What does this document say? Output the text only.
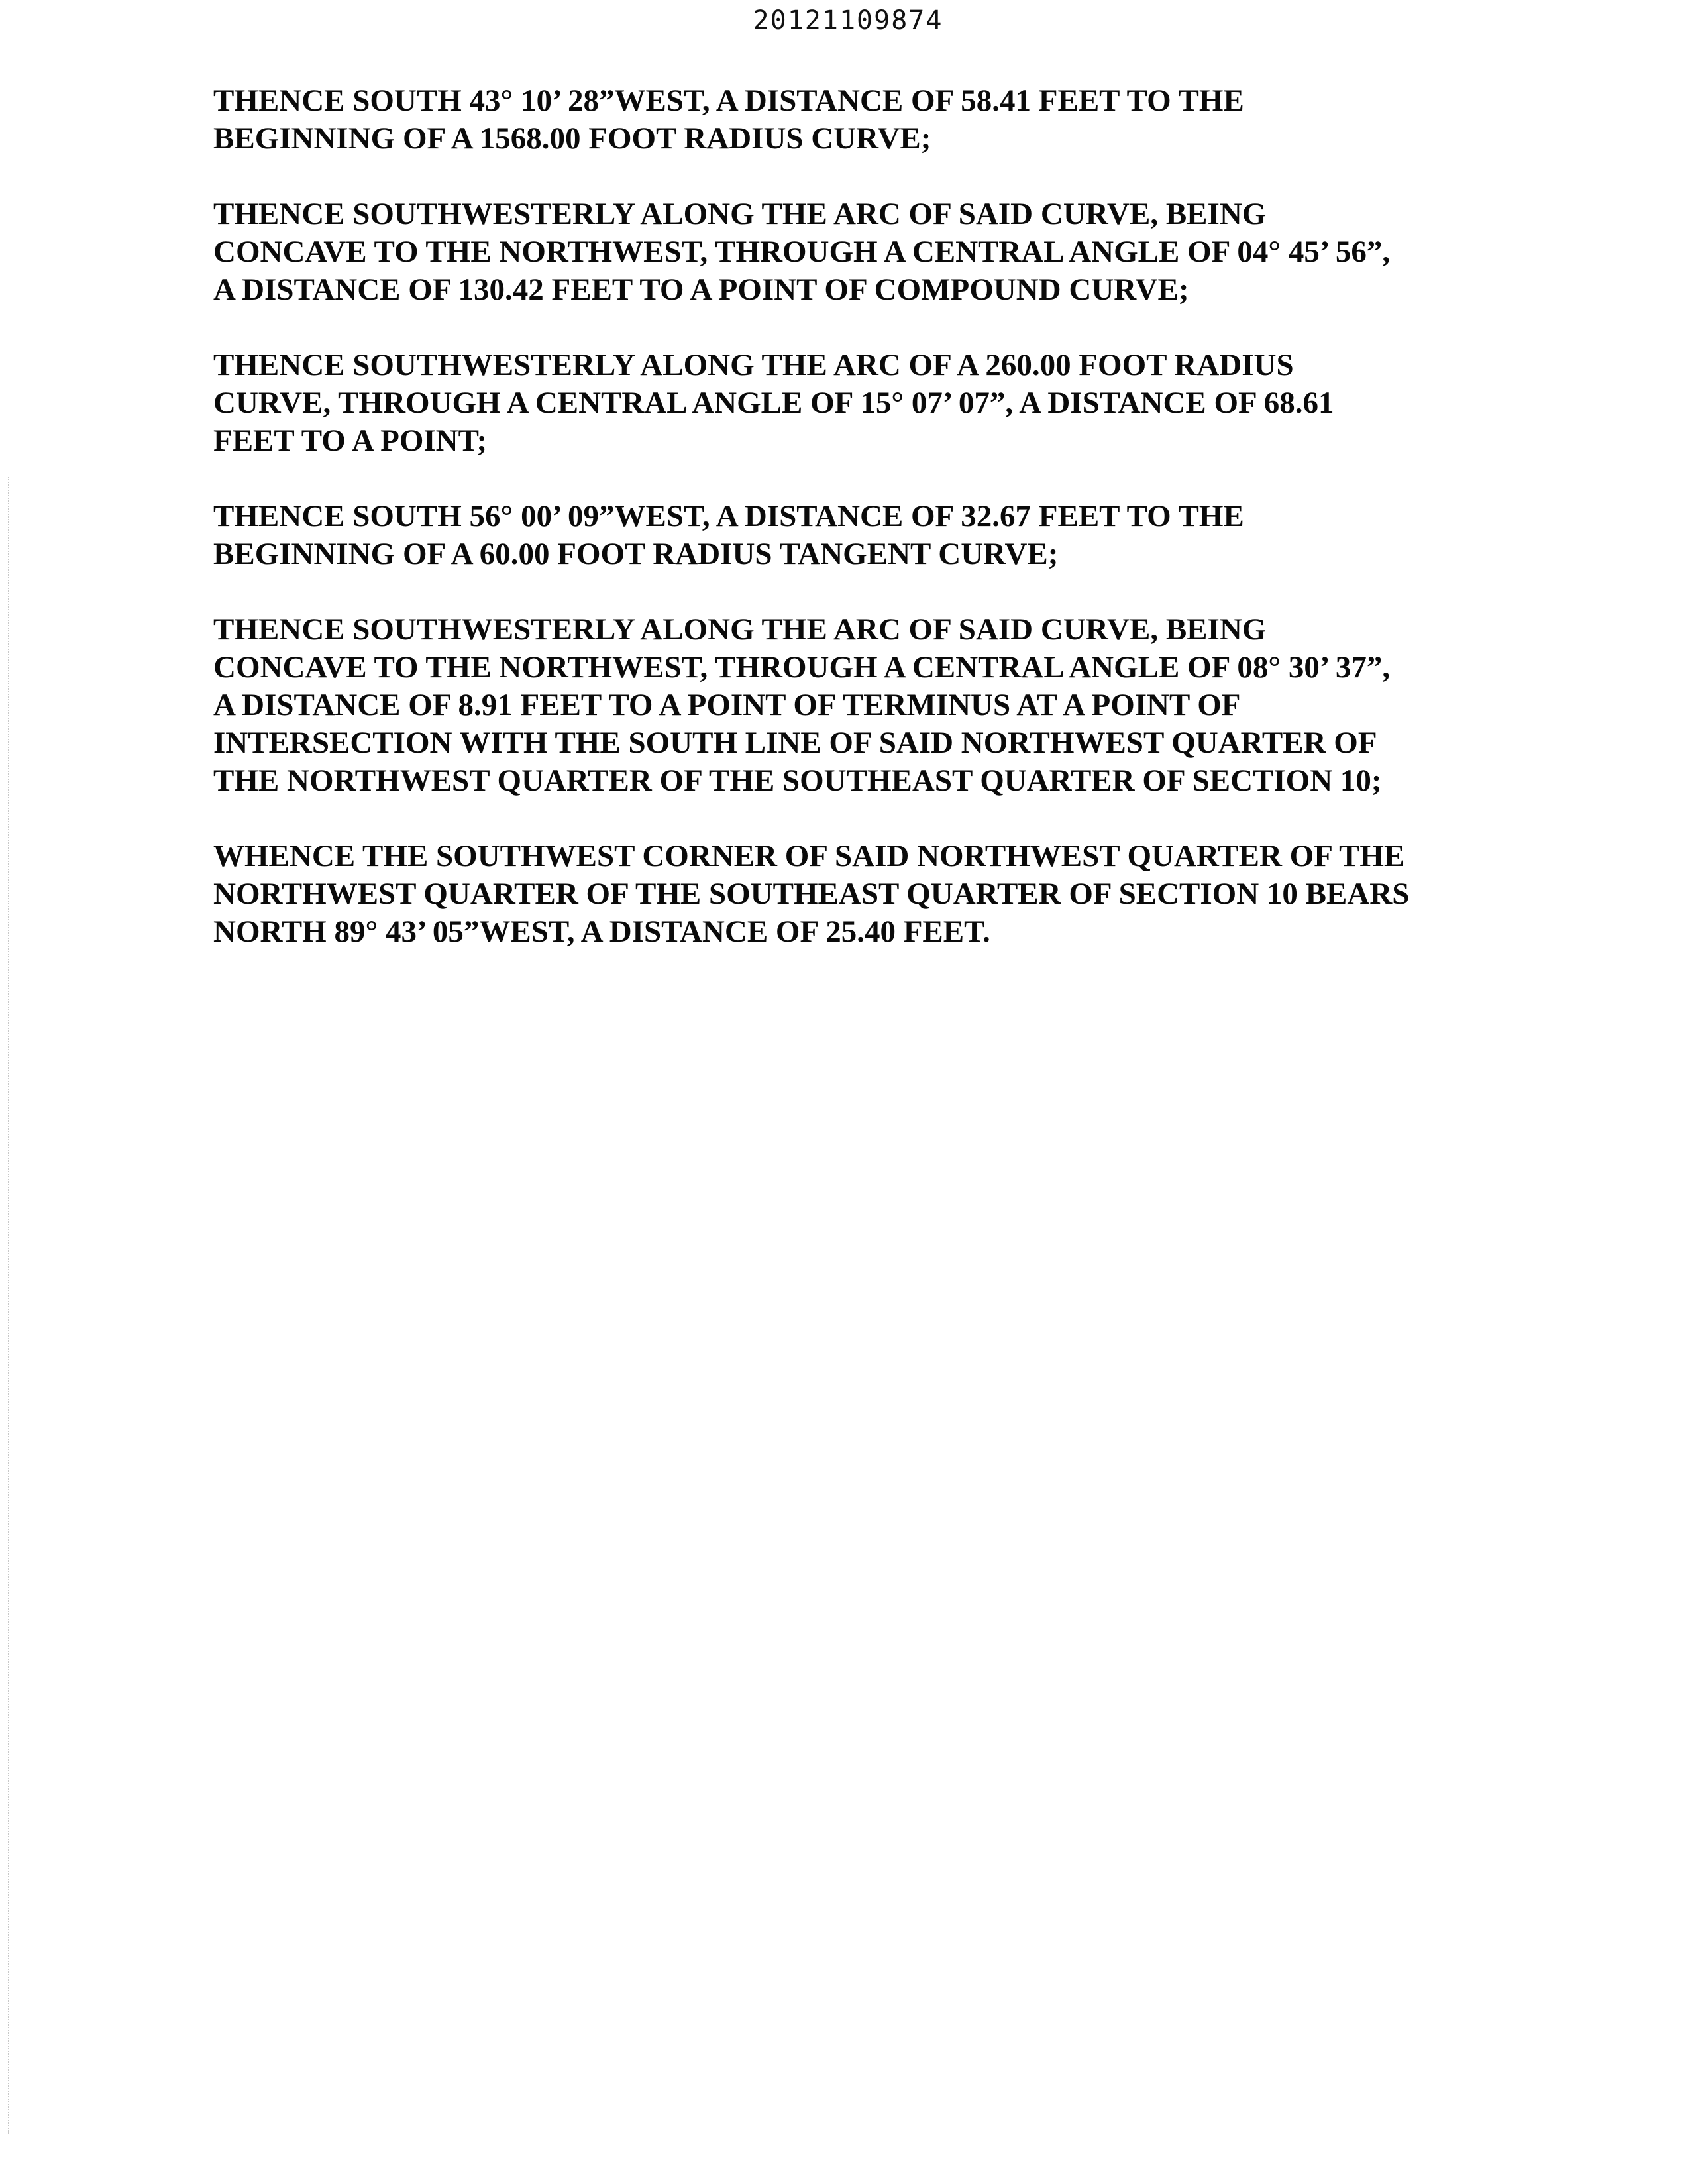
20121109874

THENCE SOUTH 43° 10’ 28”WEST, A DISTANCE OF 58.41 FEET TO THE
BEGINNING OF A 1568.00 FOOT RADIUS CURVE;

THENCE SOUTHWESTERLY ALONG THE ARC OF SAID CURVE, BEING
CONCAVE TO THE NORTHWEST, THROUGH A CENTRAL ANGLE OF 04° 45’ 56”,
A DISTANCE OF 130.42 FEET TO A POINT OF COMPOUND CURVE;

THENCE SOUTHWESTERLY ALONG THE ARC OF A 260.00 FOOT RADIUS
CURVE, THROUGH A CENTRAL ANGLE OF 15° 07’ 07”, A DISTANCE OF 68.61
FEET TO A POINT;

THENCE SOUTH 56° 00’ 09”WEST, A DISTANCE OF 32.67 FEET TO THE
BEGINNING OF A 60.00 FOOT RADIUS TANGENT CURVE;

THENCE SOUTHWESTERLY ALONG THE ARC OF SAID CURVE, BEING
CONCAVE TO THE NORTHWEST, THROUGH A CENTRAL ANGLE OF 08° 30’ 37”,
A DISTANCE OF 8.91 FEET TO A POINT OF TERMINUS AT A POINT OF
INTERSECTION WITH THE SOUTH LINE OF SAID NORTHWEST QUARTER OF
THE NORTHWEST QUARTER OF THE SOUTHEAST QUARTER OF SECTION 10;

WHENCE THE SOUTHWEST CORNER OF SAID NORTHWEST QUARTER OF THE
NORTHWEST QUARTER OF THE SOUTHEAST QUARTER OF SECTION 10 BEARS
NORTH 89° 43’ 05”WEST, A DISTANCE OF 25.40 FEET.
